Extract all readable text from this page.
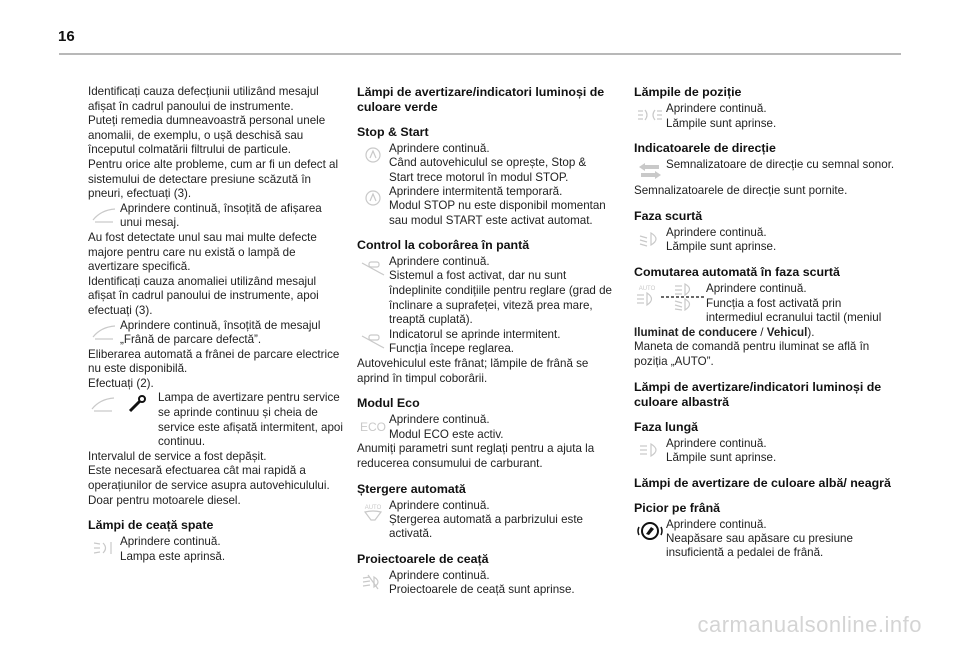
16

Identificați cauza defecțiunii utilizând mesajul afișat în cadrul panoului de instrumente.

Puteți remedia dumneavoastră personal unele anomalii, de exemplu, o ușă deschisă sau începutul colmatării filtrului de particule.

Pentru orice alte probleme, cum ar fi un defect al sistemului de detectare presiune scăzută în pneuri, efectuați (3).

Aprindere continuă, însoțită de afișarea unui mesaj.

Au fost detectate unul sau mai multe defecte majore pentru care nu există o lampă de avertizare specifică.

Identificați cauza anomaliei utilizând mesajul afișat în cadrul panoului de instrumente, apoi efectuați (3).

Aprindere continuă, însoțită de mesajul „Frână de parcare defectă”.

Eliberarea automată a frânei de parcare electrice nu este disponibilă.

Efectuați (2).

Lampa de avertizare pentru service se aprinde continuu și cheia de service este afișată intermitent, apoi continuu.

Intervalul de service a fost depășit.

Este necesară efectuarea cât mai rapidă a operațiunilor de service asupra autovehiculului.

Doar pentru motoarele diesel.

Lămpi de ceață spate
Aprindere continuă.
Lampa este aprinsă.
Lămpi de avertizare/indicatori luminoși de culoare verde
Stop & Start
Aprindere continuă.

Când autovehiculul se oprește, Stop & Start trece motorul în modul STOP.

Aprindere intermitentă temporară.

Modul STOP nu este disponibil momentan sau modul START este activat automat.

Control la coborârea în pantă
Aprindere continuă.

Sistemul a fost activat, dar nu sunt îndeplinite condițiile pentru reglare (grad de înclinare a suprafeței, viteză prea mare, treaptă cuplată).

Indicatorul se aprinde intermitent.
Funcția începe reglarea.

Autovehiculul este frânat; lămpile de frână se aprind în timpul coborârii.

Modul Eco
ECO
Aprindere continuă.
Modul ECO este activ.

Anumiți parametri sunt reglați pentru a ajuta la reducerea consumului de carburant.

Ștergere automată
AUTO Aprindere continuă.

Ștergerea automată a parbrizului este activată.

Proiectoarele de ceață
Aprindere continuă.
Proiectoarele de ceață sunt aprinse.
Lămpile de poziție
Aprindere continuă.
Lămpile sunt aprinse.
Indicatoarele de direcție
Semnalizatoare de direcție cu semnal sonor.

Semnalizatoarele de direcție sunt pornite.

Faza scurtă
Aprindere continuă.
Lămpile sunt aprinse.
Comutarea automată în faza scurtă
AUTO	Aprindere continuă.
Funcția a fost activată prin intermediul ecranului tactil (meniul

Iluminat de conducere / Vehicul).

Maneta de comandă pentru iluminat se află în poziția „AUTO”.

Lămpi de avertizare/indicatori luminoși de culoare albastră
Faza lungă
Aprindere continuă.
Lămpile sunt aprinse.
Lămpi de avertizare de culoare albă/ neagră
Picior pe frână
Aprindere continuă.

Neapăsare sau apăsare cu presiune insuficientă a pedalei de frână.

carmanualsonline.info
